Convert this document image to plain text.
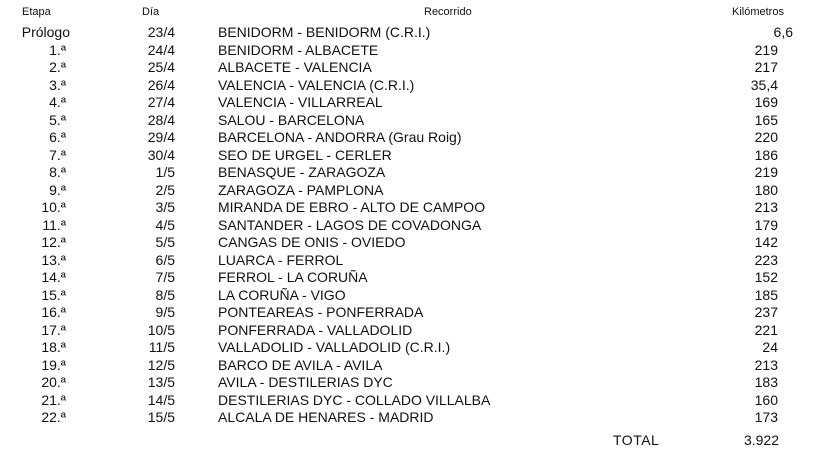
Etapa	Día	Recorrido	Kilómetros
Prólogo	23/4	BENIDORM - BENIDORM (C.R.I.)	6,6
1.ª	24/4	BENIDORM - ALBACETE	219
2.ª	25/4	ALBACETE - VALENCIA	217
3.ª	26/4	VALENCIA - VALENCIA (C.R.I.)	35,4
4.ª	27/4	VALENCIA - VILLARREAL	169
5.ª	28/4	SALOU - BARCELONA	165
6.ª	29/4	BARCELONA - ANDORRA (Grau Roig)	220
7.ª	30/4	SEO DE URGEL - CERLER	186
8.ª	1/5	BENASQUE - ZARAGOZA	219
9.ª	2/5	ZARAGOZA - PAMPLONA	180
10.ª	3/5	MIRANDA DE EBRO - ALTO DE CAMPOO	213
11.ª	4/5	SANTANDER - LAGOS DE COVADONGA	179
12.ª	5/5	CANGAS DE ONIS - OVIEDO	142
13.ª	6/5	LUARCA - FERROL	223
14.ª	7/5	FERROL - LA CORUÑA	152
15.ª	8/5	LA CORUÑA - VIGO	185
16.ª	9/5	PONTEAREAS - PONFERRADA	237
17.ª	10/5	PONFERRADA - VALLADOLID	221
18.ª	11/5	VALLADOLID - VALLADOLID (C.R.I.)	24
19.ª	12/5	BARCO DE AVILA - AVILA	213
20.ª	13/5	AVILA - DESTILERIAS DYC	183
21.ª	14/5	DESTILERIAS DYC - COLLADO VILLALBA	160
22.ª	15/5	ALCALA DE HENARES - MADRID	173
TOTAL	3.922
